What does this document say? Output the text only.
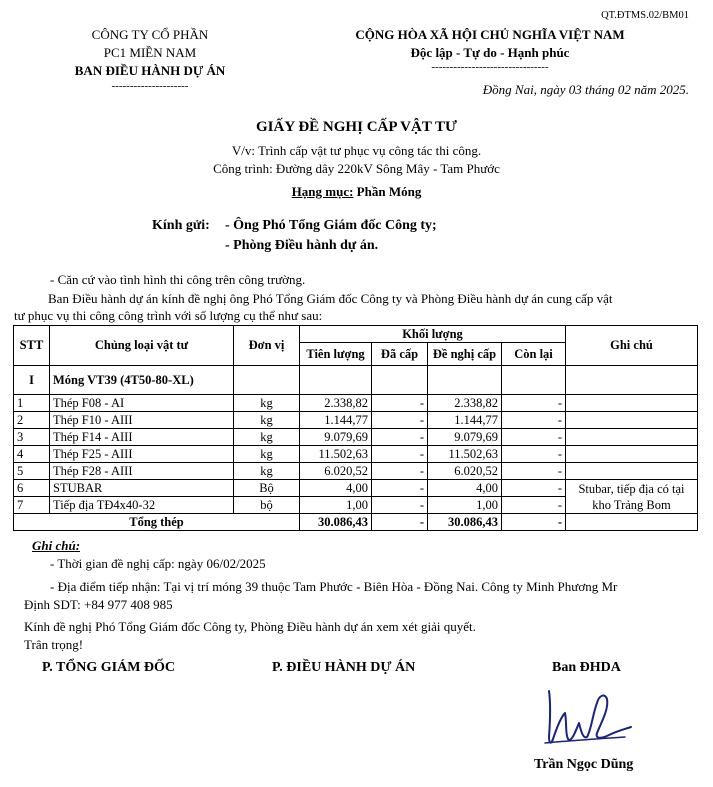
QT.ĐTMS.02/BM01
CÔNG TY CỔ PHẦN
PC1 MIỀN NAM
BAN ĐIỀU HÀNH DỰ ÁN
---------------------
CỘNG HÒA XÃ HỘI CHỦ NGHĨA VIỆT NAM
Độc lập - Tự do - Hạnh phúc
--------------------------------
Đồng Nai, ngày 03 tháng 02 năm 2025.
GIẤY ĐỀ NGHỊ CẤP VẬT TƯ
V/v: Trình cấp vật tư phục vụ công tác thi công.
Công trình: Đường dây 220kV Sông Mây - Tam Phước
Hạng mục: Phần Móng
Kính gửi: - Ông Phó Tổng Giám đốc Công ty;
- Phòng Điều hành dự án.
- Căn cứ vào tình hình thi công trên công trường.
Ban Điều hành dự án kính đề nghị ông Phó Tổng Giám đốc Công ty và Phòng Điều hành dự án cung cấp vật
tư phục vụ thi công công trình với số lượng cụ thể như sau:
STT	Chủng loại vật tư	Đơn vị	Khối lượng				Ghi chú
			Tiên lượng	Đã cấp	Đề nghị cấp	Còn lại	
I	Móng VT39 (4T50-80-XL)						
1	Thép F08 - AI	kg	2.338,82	-	2.338,82	-	
2	Thép F10 - AIII	kg	1.144,77	-	1.144,77	-	
3	Thép F14 - AIII	kg	9.079,69	-	9.079,69	-	
4	Thép F25 - AIII	kg	11.502,63	-	11.502,63	-	
5	Thép F28 - AIII	kg	6.020,52	-	6.020,52	-	
6	STUBAR	Bộ	4,00	-	4,00	-	Stubar, tiếp địa có tại
kho Trảng Bom

7	Tiếp địa TĐ4x40-32	bộ	1,00	-	1,00	-	
Tổng thép			30.086,43	-	30.086,43	-	
Ghi chú:
- Thời gian đề nghị cấp: ngày 06/02/2025
- Địa điểm tiếp nhận: Tại vị trí móng 39 thuộc Tam Phước - Biên Hòa - Đồng Nai. Công ty Minh Phương Mr
Định SDT: +84 977 408 985
Kính đề nghị Phó Tổng Giám đốc Công ty, Phòng Điều hành dự án xem xét giải quyết.
Trân trọng!
P. TỔNG GIÁM ĐỐC	P. ĐIỀU HÀNH DỰ ÁN	Ban ĐHDA
Trần Ngọc Dũng
